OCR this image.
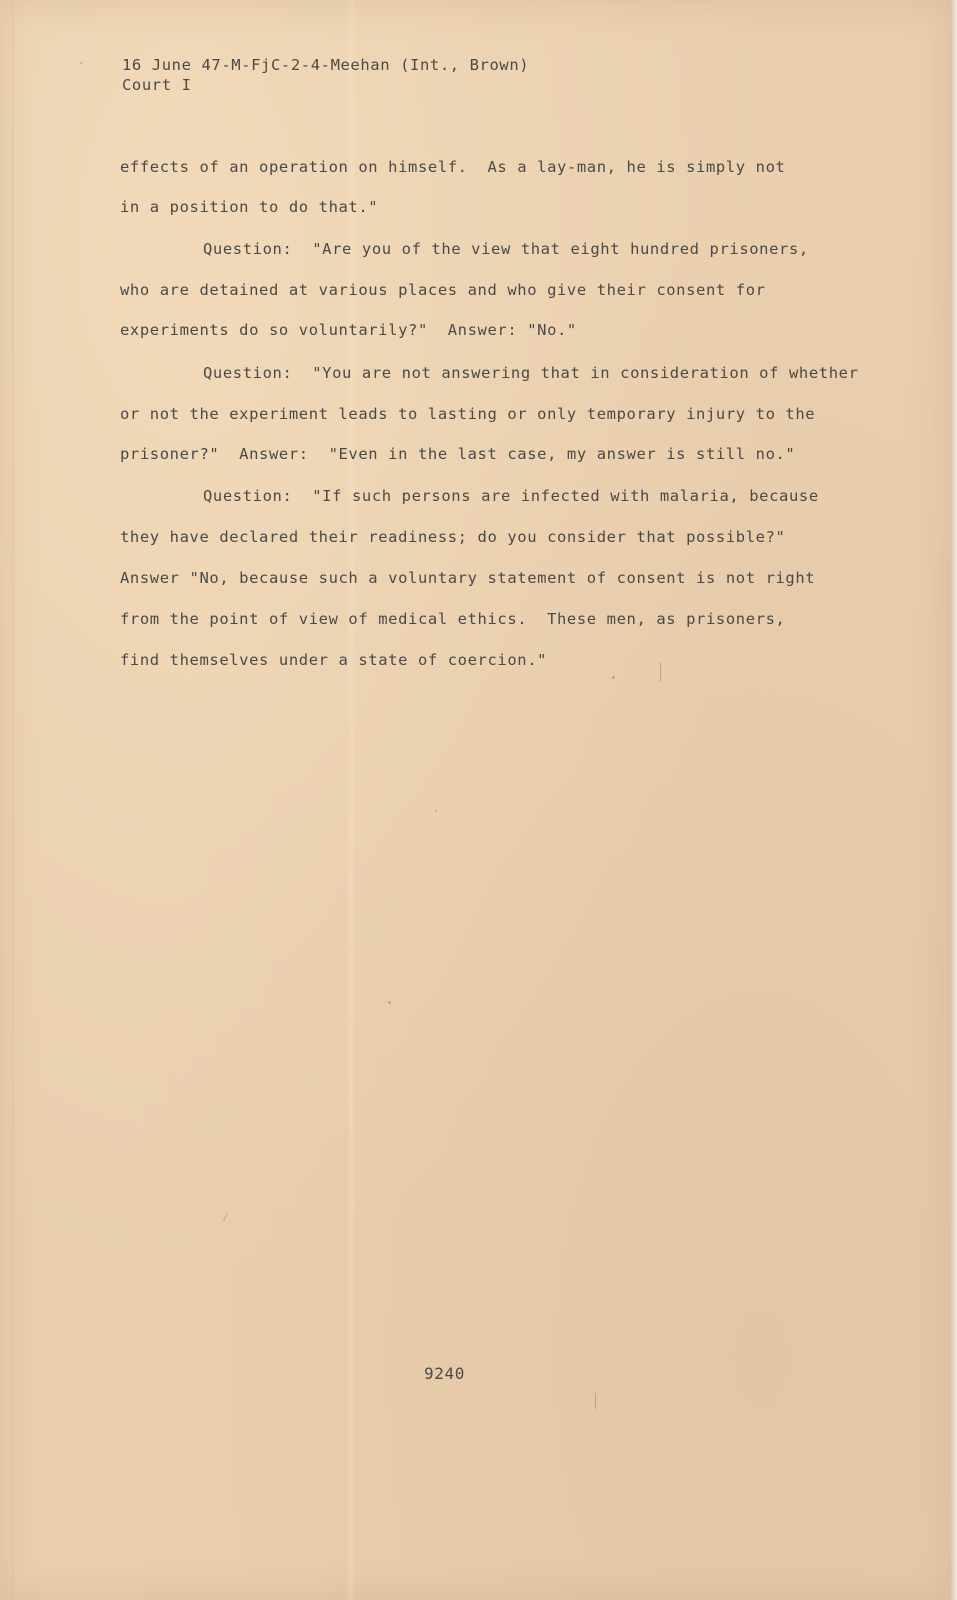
16 June 47-M-FjC-2-4-Meehan (Int., Brown)
Court I
effects of an operation on himself.  As a lay-man, he is simply not
in a position to do that."
Question:  "Are you of the view that eight hundred prisoners,
who are detained at various places and who give their consent for
experiments do so voluntarily?"  Answer: "No."
Question:  "You are not answering that in consideration of whether
or not the experiment leads to lasting or only temporary injury to the
prisoner?"  Answer:  "Even in the last case, my answer is still no."
Question:  "If such persons are infected with malaria, because
they have declared their readiness; do you consider that possible?"
Answer "No, because such a voluntary statement of consent is not right
from the point of view of medical ethics.  These men, as prisoners,
find themselves under a state of coercion."
9240
